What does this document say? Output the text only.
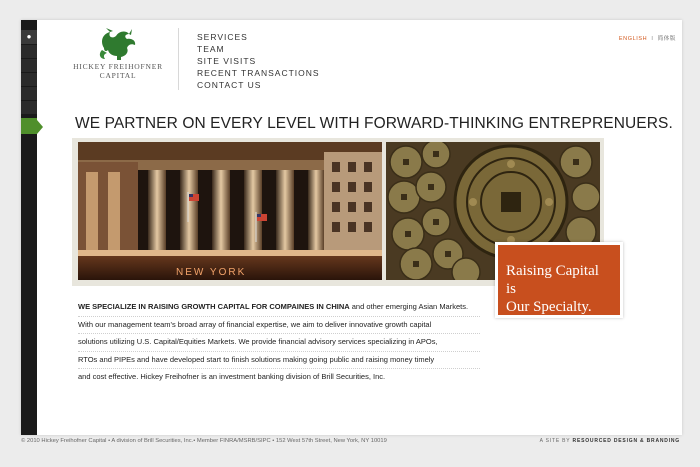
●
HICKEY FREIHOFNER
CAPITAL
SERVICES
TEAM
SITE VISITS
RECENT TRANSACTIONS
CONTACT US
ENGLISH I 简体版
WE PARTNER ON EVERY LEVEL WITH FORWARD-THINKING ENTREPRENUERS.
NEW YORK	Raising Capital is
Our Specialty.
WE SPECIALIZE IN RAISING GROWTH CAPITAL FOR COMPAINES IN CHINA and other emerging Asian Markets.
With our management team's broad array of financial expertise, we aim to deliver innovative growth capital
solutions utilizing U.S. Capital/Equities Markets. We provide financial advisory services specializing in APOs,
RTOs and PIPEs and have developed start to finish solutions making going public and raising money timely
and cost effective. Hickey Freihofner is an investment banking division of Brill Securities, Inc.
© 2010 Hickey Freihofner Capital • A division of Brill Securities, Inc.• Member FINRA/MSRB/SIPC • 152 West 57th Street, New York, NY 10019	A SITE BY RESOURCED DESIGN & BRANDING
